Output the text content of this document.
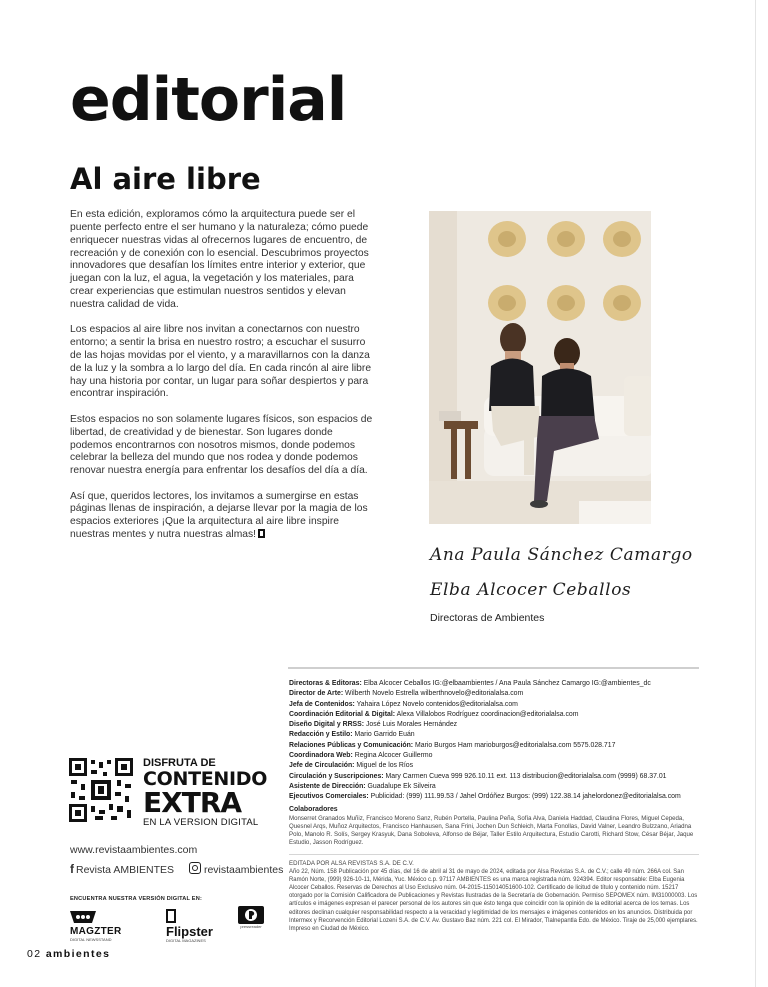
editorial
Al aire libre

En esta edición, exploramos cómo la arquitectura puede ser el puente perfecto entre el ser humano y la naturaleza; cómo puede enriquecer nuestras vidas al ofrecernos lugares de encuentro, de recreación y de conexión con lo esencial. Descubrimos proyectos innovadores que desafían los límites entre interior y exterior, que juegan con la luz, el agua, la vegetación y los materiales, para crear experiencias que estimulan nuestros sentidos y elevan nuestra calidad de vida.

Los espacios al aire libre nos invitan a conectarnos con nuestro entorno; a sentir la brisa en nuestro rostro; a escuchar el susurro de las hojas movidas por el viento, y a maravillarnos con la danza de la luz y la sombra a lo largo del día. En cada rincón al aire libre hay una historia por contar, un lugar para soñar despiertos y para encontrar inspiración.

Estos espacios no son solamente lugares físicos, son espacios de libertad, de creatividad y de bienestar. Son lugares donde podemos encontrarnos con nosotros mismos, donde podemos celebrar la belleza del mundo que nos rodea y donde podemos renovar nuestra energía para enfrentar los desafíos del día a día.

Así que, queridos lectores, los invitamos a sumergirse en estas páginas llenas de inspiración, a dejarse llevar por la magia de los espacios exteriores ¡Que la arquitectura al aire libre inspire nuestras mentes y nutra nuestras almas!

Ana Paula Sánchez Camargo
Elba Alcocer Ceballos
Directoras de Ambientes
Directoras & Editoras: Elba Alcocer Ceballos IG:@elbaambientes / Ana Paula Sánchez Camargo IG:@ambientes_dc
Director de Arte: Wilberth Novelo Estrella wilberthnovelo@editorialalsa.com
Jefa de Contenidos: Yahaira López Novelo contenidos@editorialalsa.com
Coordinación Editorial & Digital: Alexa Villalobos Rodríguez coordinacion@editorialalsa.com
Diseño Digital y RRSS: José Luis Morales Hernández
Redacción y Estilo: Mario Garrido Euán
Relaciones Públicas y Comunicación: Mario Burgos Ham marioburgos@editorialalsa.com 5575.028.717
Coordinadora Web: Regina Alcocer Guillermo
Jefe de Circulación: Miguel de los Ríos
Circulación y Suscripciones: Mary Carmen Cueva 999 926.10.11 ext. 113 distribucion@editorialalsa.com (9999) 68.37.01
Asistente de Dirección: Guadalupe Ek Silveira
Ejecutivos Comerciales: Publicidad: (999) 111.99.53 / Jahel Ordóñez Burgos: (999) 122.38.14 jahelordonez@editorialalsa.com
Colaboradores
Monserret Granados Muñiz, Francisco Moreno Sanz, Rubén Portella, Paulina Peña, Sofía Alva, Daniela Haddad, Claudina Flores, Miguel Cepeda, Quesnel Arqs, Muñoz Arquitectos, Francisco Hanhausen, Sana Frini, Jochen Dun Schleich, Marta Fonollas, David Valner, Leandro Bulzzano, Ariadna Polo, Manolo R. Solís, Sergey Krasyuk, Dana Sobolevа, Alfonso de Béjar, Taller Estilo Arquitectura, Estudio Carotti, Richard Stow, César Béjar, Jaque Estudio, Jasson Rodríguez.
EDITADA POR ALSA REVISTAS S.A. DE C.V.
Año 22, Núm. 158 Publicación por 45 días, del 16 de abril al 31 de mayo de 2024, editada por Alsa Revistas S.A. de C.V.; calle 49 núm. 266A col. San Ramón Norte, (999) 926-10-11, Mérida, Yuc. México c.p. 97117 AMBIENTES es una marca registrada núm. 924394. Editor responsable: Elba Eugenia Alcocer Ceballos. Reservas de Derechos al Uso Exclusivo núm. 04-2015-115014051600-102. Certificado de licitud de título y contenido núm. 15217 otorgado por la Comisión Calificadora de Publicaciones y Revistas Ilustradas de la Secretaría de Gobernación. Permiso SEPOMEX núm. IM31000003. Los artículos e imágenes expresan el parecer personal de los autores sin que ésto tenga que coincidir con la opinión de la editorial acerca de los temas. Los editores declinan cualquier responsabilidad respecto a la veracidad y legitimidad de los mensajes e imágenes contenidos en los anuncios. Distribuida por Intermex y Recorvención Editorial Lozeni S.A. de C.V. Av. Gustavo Baz núm. 221 col. El Mirador, Tlalnepantla Edo. de México. Tiraje de 25,000 ejemplares. Impreso en Ciudad de México.
DISFRUTA DE
CONTENIDO
EXTRA
EN LA VERSION DIGITAL
www.revistaambientes.com
f Revista AMBIENTES	revistaambientes
ENCUENTRA NUESTRA VERSIÓN DIGITAL EN:

MAGZTER
DIGITAL NEWSSTAND

Flipster
DIGITAL MAGAZINES
pressreader
02 ambientes
